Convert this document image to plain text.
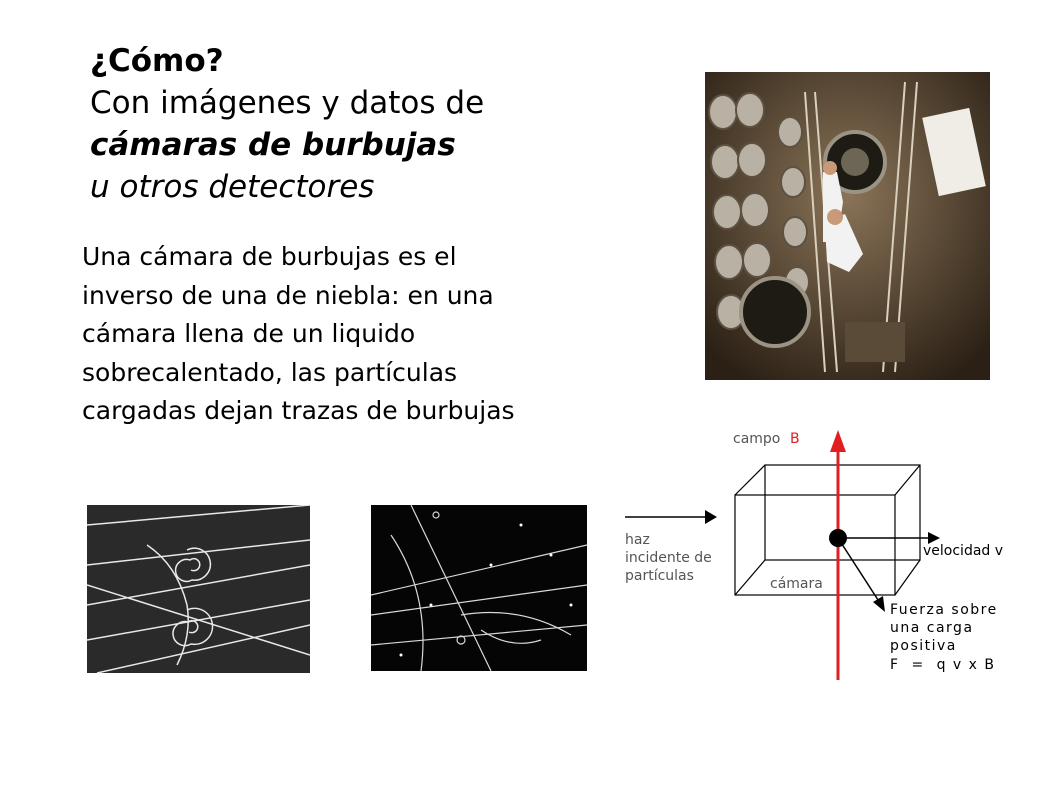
¿Cómo?
Con imágenes y datos de
cámaras de burbujas
u otros detectores
Una cámara de burbujas es el
inverso de una de niebla: en una
cámara llena de un liquido
sobrecalentado, las partículas
cargadas dejan trazas de burbujas
campo B
haz
incidente de
partículas	cámara
velocidad v
Fuerza sobre
una carga
positiva
F  =  q v x B
